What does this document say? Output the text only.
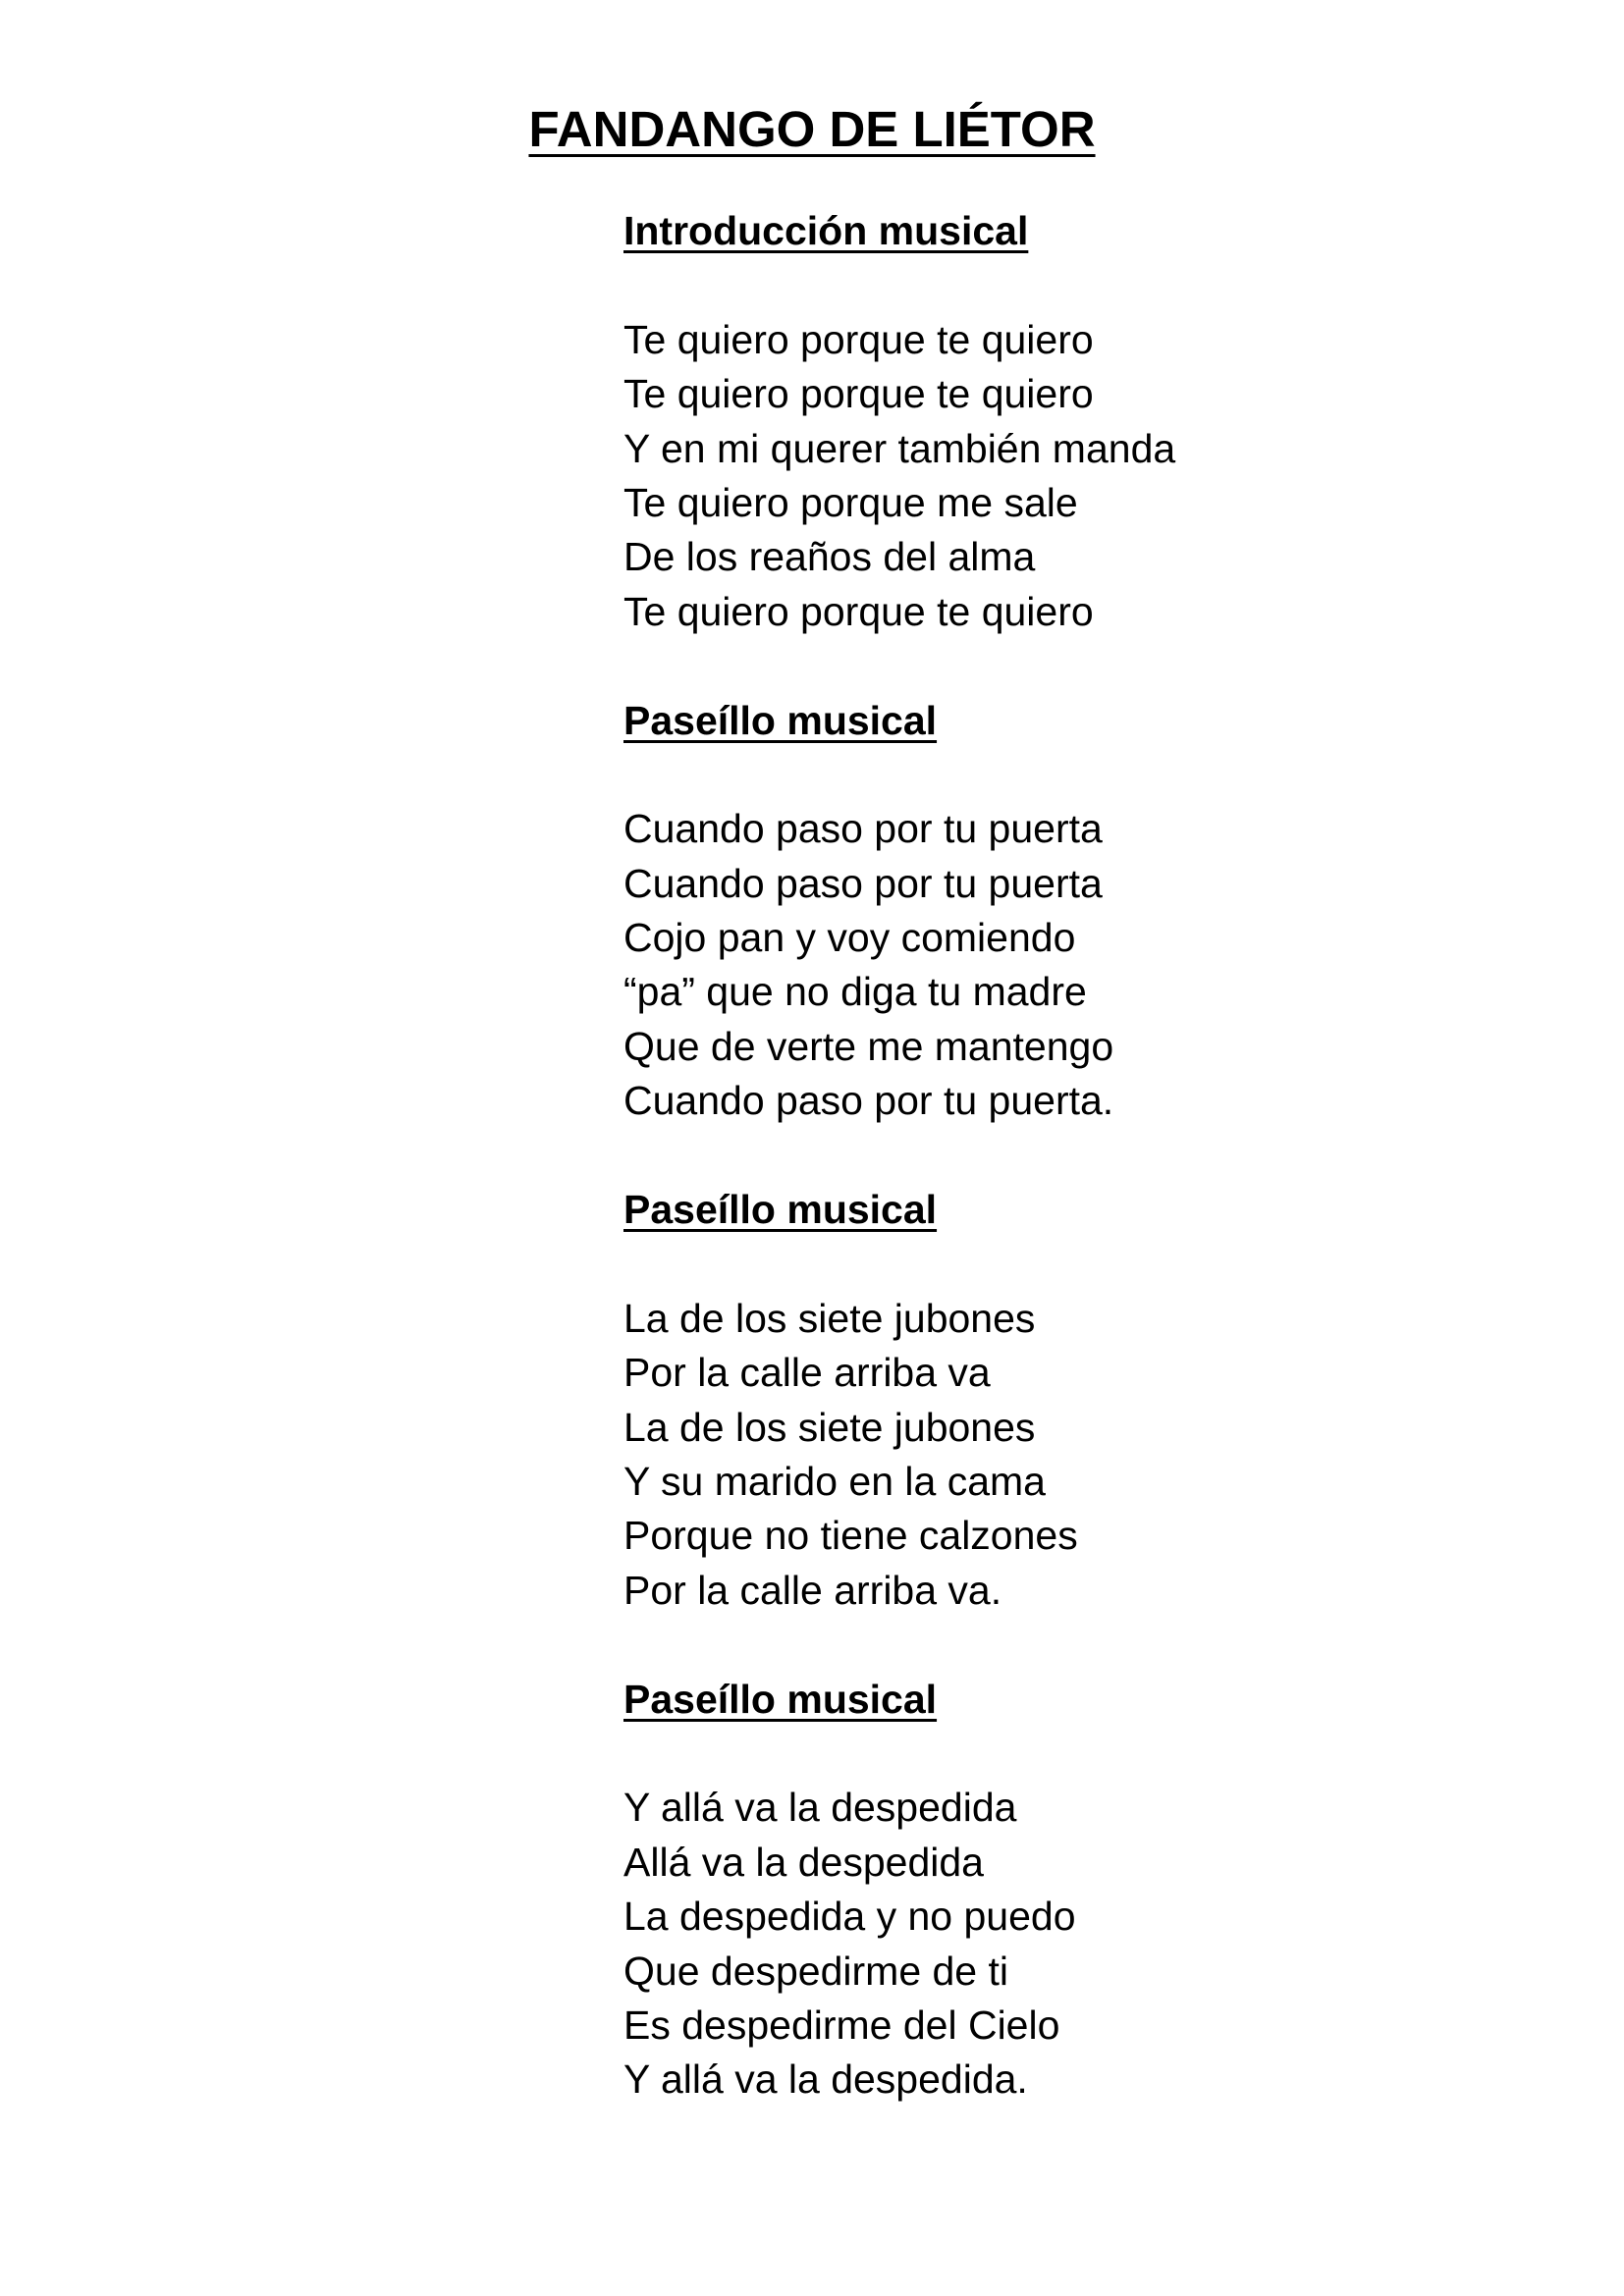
FANDANGO DE LIÉTOR

Introducción musical

Te quiero porque te quiero
Te quiero porque te quiero
Y en mi querer también manda
Te quiero porque me sale
De los reaños del alma
Te quiero porque te quiero

Paseíllo musical

Cuando paso por tu puerta
Cuando paso por tu puerta
Cojo pan y voy comiendo
“pa” que no diga tu madre
Que de verte me mantengo
Cuando paso por tu puerta.

Paseíllo musical

La de los siete jubones
Por la calle arriba va
La de los siete jubones
Y su marido en la cama
Porque no tiene calzones
Por la calle arriba va.

Paseíllo musical

Y allá va la despedida
Allá va la despedida
La despedida y no puedo
Que despedirme de ti
Es despedirme del Cielo
Y allá va la despedida.
